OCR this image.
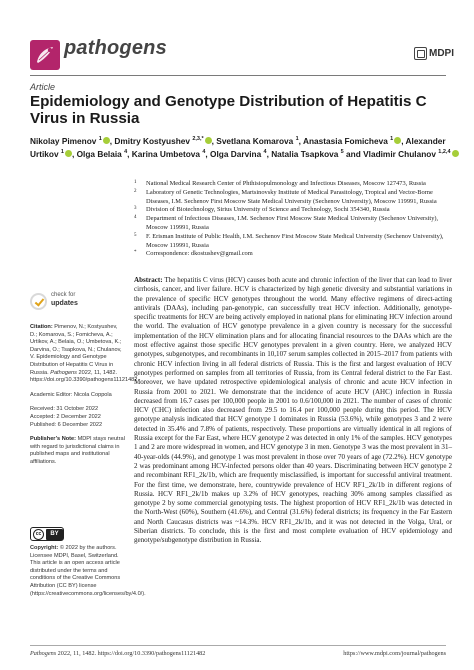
pathogens	MDPI
Article
Epidemiology and Genotype Distribution of Hepatitis C Virus in Russia
Nikolay Pimenov $^1$ , Dmitry Kostyushev $^{2,3,*}$ , Svetlana Komarova $^1$, Anastasia Fomicheva $^1$ , Alexander Urtikov $^1$ , Olga Belaia $^4$, Karina Umbetova $^4$, Olga Darvina $^4$, Natalia Tsapkova $^5$ and Vladimir Chulanov $^{1,2,4}$
1 National Medical Research Center of Phthisiopulmonology and Infectious Diseases, Moscow 127473, Russia
2 Laboratory of Genetic Technologies, Martsinovsky Institute of Medical Parasitology, Tropical and Vector-Borne Diseases, I.M. Sechenov First Moscow State Medical University (Sechenov University), Moscow 119991, Russia
3 Division of Biotechnology, Sirius University of Science and Technology, Sochi 354340, Russia
4 Department of Infectious Diseases, I.M. Sechenov First Moscow State Medical University (Sechenov University), Moscow 119991, Russia
5 F. Erisman Institute of Public Health, I.M. Sechenov First Moscow State Medical University (Sechenov University), Moscow 119991, Russia
* Correspondence: dkostushev@gmail.com
check for
updates
Citation: Pimenov, N.; Kostyushev, D.; Komarova, S.; Fomicheva, A.; Urtikov, A.; Belaia, O.; Umbetova, K.; Darvina, O.; Tsapkova, N.; Chulanov, V. Epidemiology and Genotype Distribution of Hepatitis C Virus in Russia. Pathogens 2022, 11, 1482. https://doi.org/10.3390/pathogens11121482
Academic Editor: Nicola Coppola
Received: 31 October 2022
Accepted: 2 December 2022
Published: 6 December 2022
Publisher’s Note: MDPI stays neutral with regard to jurisdictional claims in published maps and institutional affiliations.
cc	BY
Copyright: © 2022 by the authors. Licensee MDPI, Basel, Switzerland. This article is an open access article distributed under the terms and conditions of the Creative Commons Attribution (CC BY) license (https://creativecommons.org/licenses/by/4.0/).
Abstract: The hepatitis C virus (HCV) causes both acute and chronic infection of the liver that can lead to liver cirrhosis, cancer, and liver failure. HCV is characterized by high genetic diversity and substantial variations in the prevalence of specific HCV genotypes throughout the world. Many effective regimens of direct-acting antivirals (DAAs), including pan-genotypic, can successfully treat HCV infection. Additionally, genotype-specific treatments for HCV are being actively employed in national plans for eliminating HCV infection around the world. The evaluation of HCV genotype prevalence in a given country is necessary for the successful implementation of the HCV elimination plans and for allocating financial resources to the DAAs which are the most effective against those specific HCV genotypes prevalent in a given country. Here, we analyzed HCV genotypes, subgenotypes, and recombinants in 10,107 serum samples collected in 2015–2017 from patients with chronic HCV infection living in all federal districts of Russia. This is the first and largest evaluation of HCV genotypes performed on samples from all territories of Russia, from its Central federal district to the Far East. Moreover, we have updated retrospective epidemiological analysis of chronic and acute HCV infection in Russia from 2001 to 2021. We demonstrate that the incidence of acute HCV (AHC) infection in Russia decreased from 16.7 cases per 100,000 people in 2001 to 0.6/100,000 in 2021. The number of cases of chronic HCV (CHC) infection also decreased from 29.5 to 16.4 per 100,000 people during this period. The HCV genotype analysis indicated that HCV genotype 1 dominates in Russia (53.6%), while genotypes 3 and 2 were detected in 35.4% and 7.8% of patients, respectively. These proportions are virtually identical in all regions of Russia except for the Far East, where HCV genotype 2 was detected in only 1% of the samples. HCV genotypes 1 and 2 are more widespread in women, and HCV genotype 3 in men. Genotype 3 was the most prevalent in 31–40-year-olds (44.9%), and genotype 1 was most prevalent in those over 70 years of age (72.2%). HCV genotype 2 was predominant among HCV-infected persons older than 40 years. Discriminating between HCV genotype 2 and recombinant RF1_2k/1b, which are frequently misclassified, is important for successful antiviral treatment. For the first time, we demonstrate, here, countrywide prevalence of HCV RF1_2k/1b in different regions of Russia. HCV RF1_2k/1b makes up 3.2% of HCV genotypes, reaching 30% among samples classified as genotype 2 by some commercial genotyping tests. The highest proportion of HCV RF1_2k/1b was detected in the North-West (60%), Southern (41.6%), and Central (31.6%) federal districts; its frequency in the Far Eastern and North Caucasus districts was ~14.3%. HCV RF1_2k/1b, and it was not detected in the Volga, Ural, or Siberian districts. To conclude, this is the first and most complete evaluation of HCV epidemiology and genotype/subgenotype distribution in Russia.
Pathogens 2022, 11, 1482. https://doi.org/10.3390/pathogens11121482	https://www.mdpi.com/journal/pathogens
